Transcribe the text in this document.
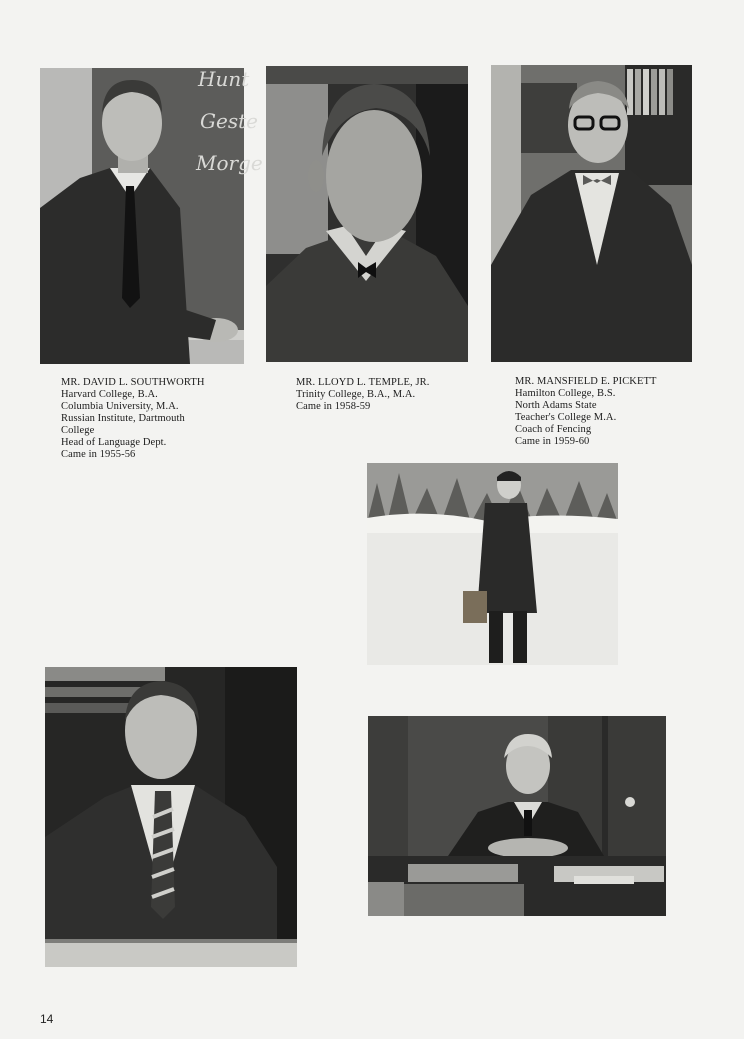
Hunt
Geste
Morge
MR. DAVID L. SOUTHWORTH
Harvard College, B.A.
Columbia University, M.A.
Russian Institute, Dartmouth
College
Head of Language Dept.
Came in 1955-56
MR. LLOYD L. TEMPLE, JR.
Trinity College, B.A., M.A.
Came in 1958-59
MR. MANSFIELD E. PICKETT
Hamilton College, B.S.
North Adams State
Teacher's College M.A.
Coach of Fencing
Came in 1959-60
14
